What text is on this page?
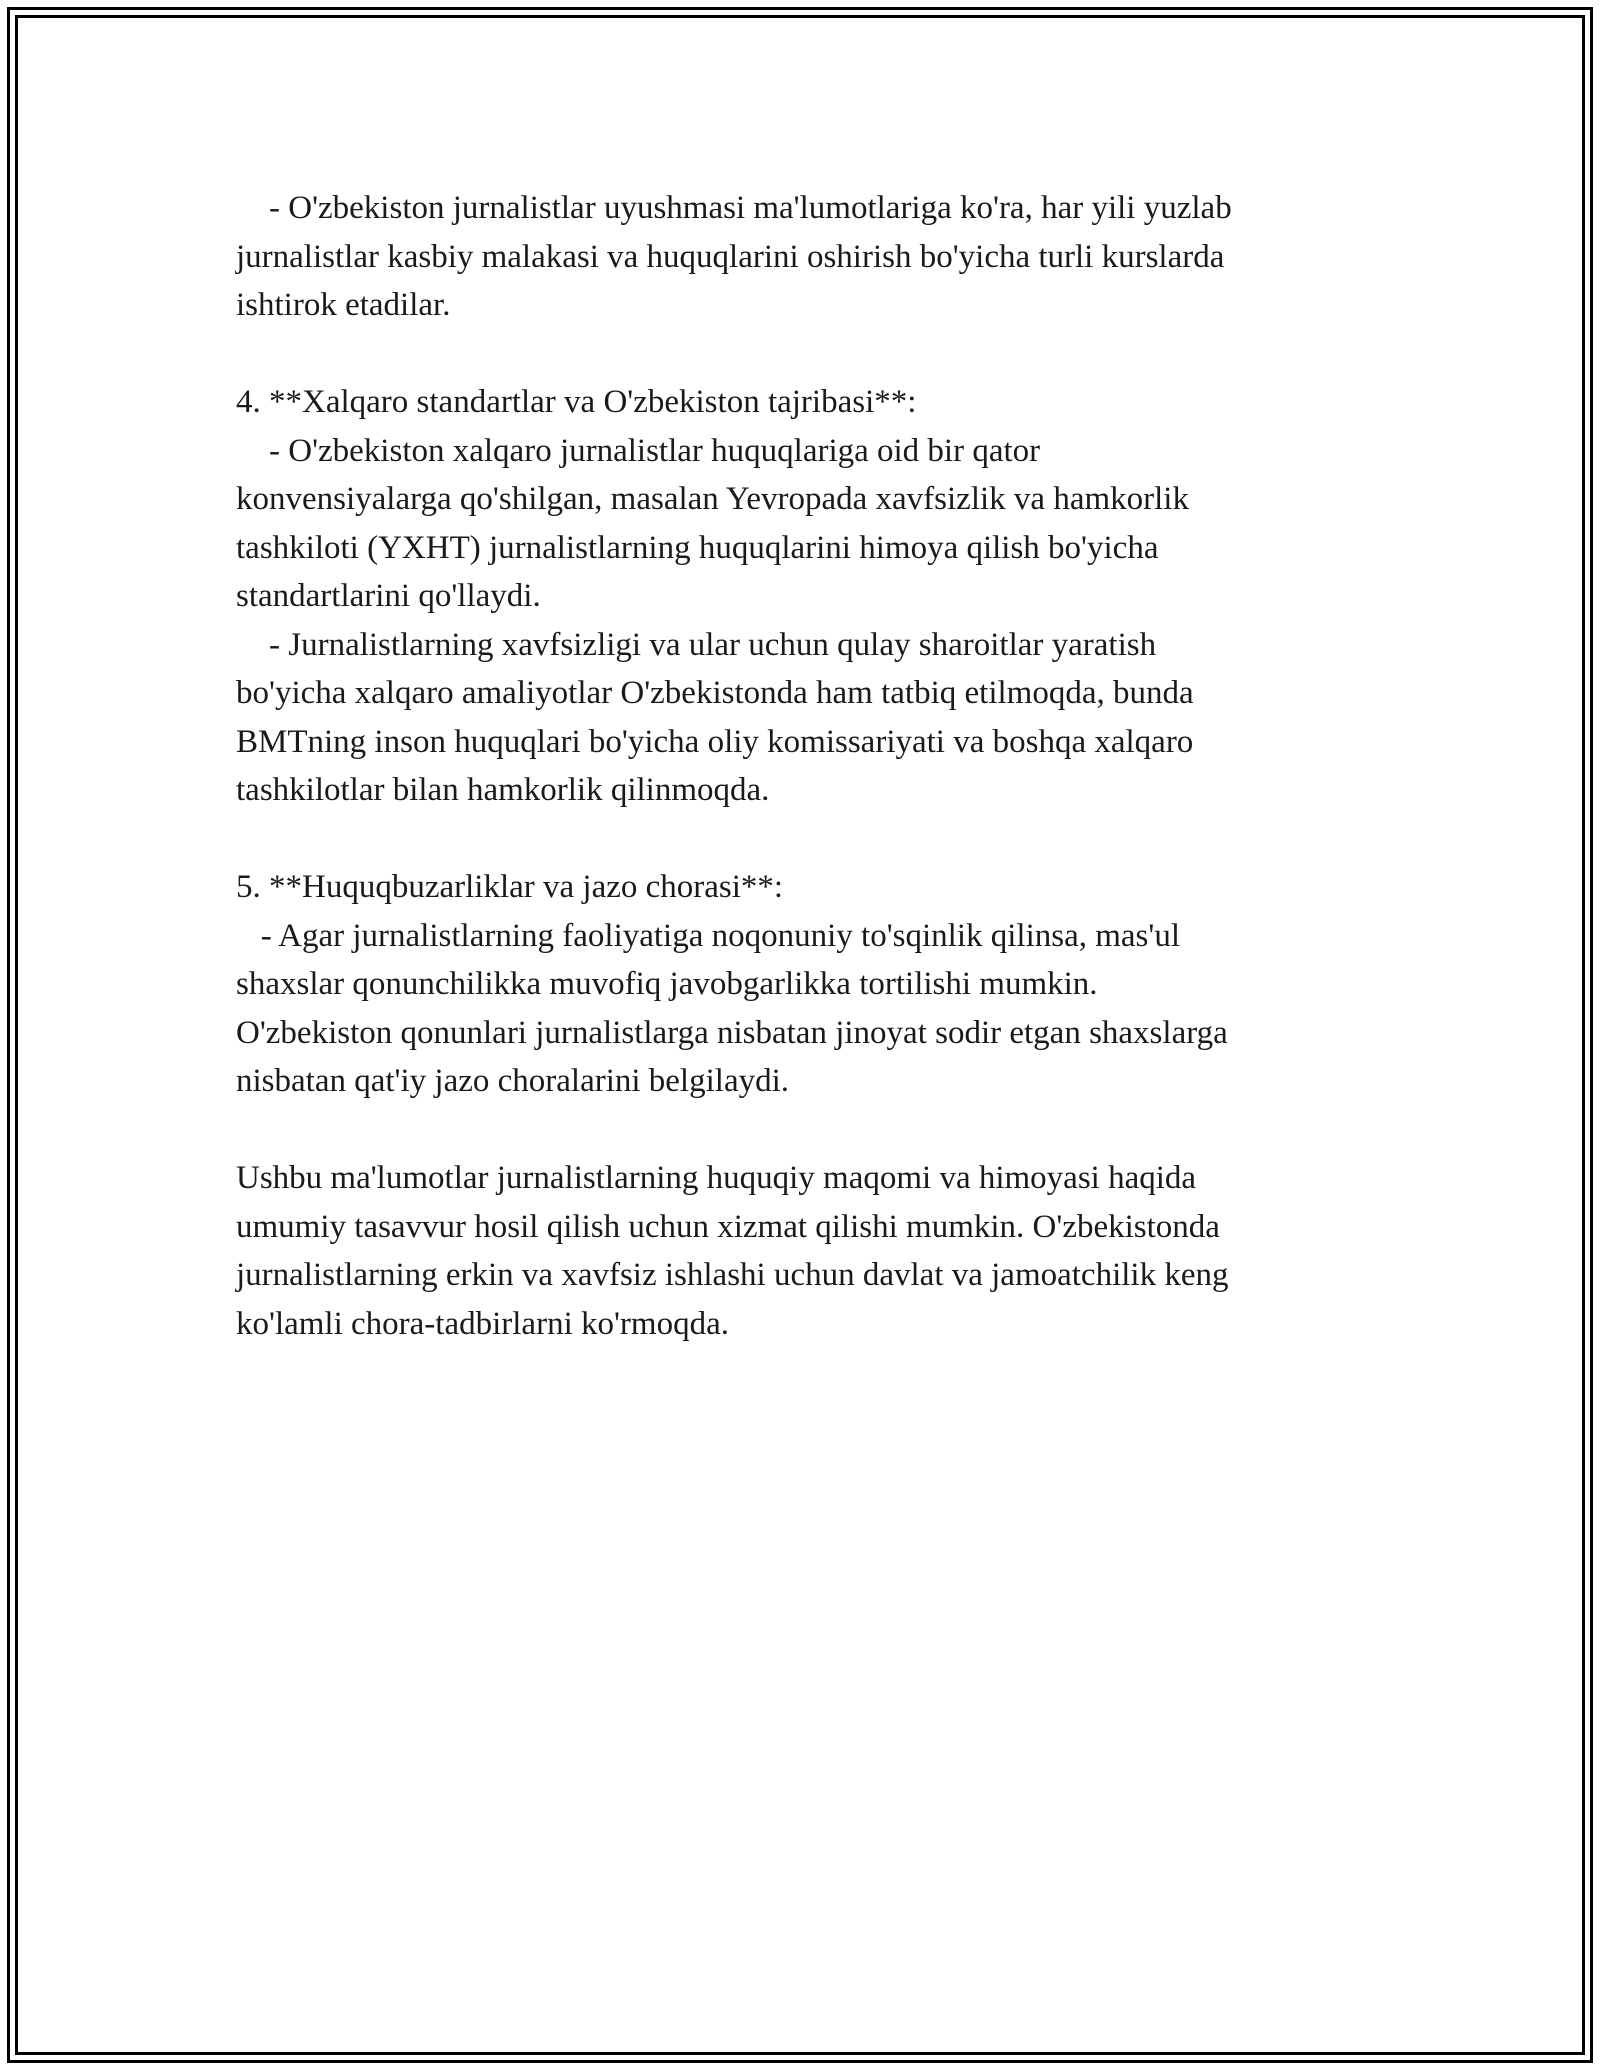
- O'zbekiston jurnalistlar uyushmasi ma'lumotlariga ko'ra, har yili yuzlab
jurnalistlar kasbiy malakasi va huquqlarini oshirish bo'yicha turli kurslarda
ishtirok etadilar.
4. **Xalqaro standartlar va O'zbekiston tajribasi**:
- O'zbekiston xalqaro jurnalistlar huquqlariga oid bir qator
konvensiyalarga qo'shilgan, masalan Yevropada xavfsizlik va hamkorlik
tashkiloti (YXHT) jurnalistlarning huquqlarini himoya qilish bo'yicha
standartlarini qo'llaydi.
- Jurnalistlarning xavfsizligi va ular uchun qulay sharoitlar yaratish
bo'yicha xalqaro amaliyotlar O'zbekistonda ham tatbiq etilmoqda, bunda
BMTning inson huquqlari bo'yicha oliy komissariyati va boshqa xalqaro
tashkilotlar bilan hamkorlik qilinmoqda.
5. **Huquqbuzarliklar va jazo chorasi**:
- Agar jurnalistlarning faoliyatiga noqonuniy to'sqinlik qilinsa, mas'ul
shaxslar qonunchilikka muvofiq javobgarlikka tortilishi mumkin.
O'zbekiston qonunlari jurnalistlarga nisbatan jinoyat sodir etgan shaxslarga
nisbatan qat'iy jazo choralarini belgilaydi.
Ushbu ma'lumotlar jurnalistlarning huquqiy maqomi va himoyasi haqida
umumiy tasavvur hosil qilish uchun xizmat qilishi mumkin. O'zbekistonda
jurnalistlarning erkin va xavfsiz ishlashi uchun davlat va jamoatchilik keng
ko'lamli chora-tadbirlarni ko'rmoqda.
